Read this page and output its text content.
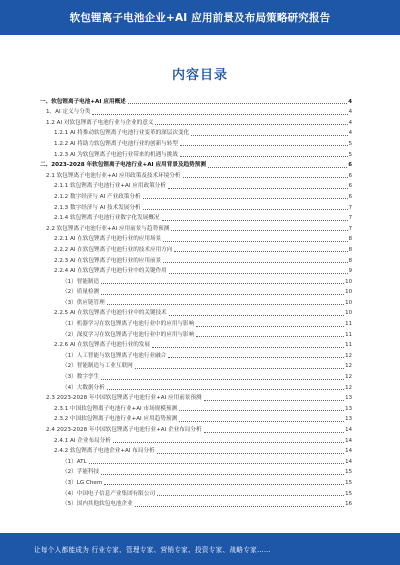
软包锂离子电池企业+AI 应用前景及布局策略研究报告
内容目录
一、软包锂离子电池+AI 应用概述	4
1、AI 定义与分类	4
1.2 AI 对软包锂离子电池行业与企业的意义	4
1.2.1 AI 将推动软包锂离子电池行业变革的深层次变化	4
1.2.2 AI 将助力软包锂离子电池行业的创新与转型	5
1.2.3 AI 为软包锂离子电池行业带来的机遇与挑战	5
二、2023-2028 年软包锂离子电池行业+AI 应用背景及趋势预测	6
2.1 软包锂离子电池行业+AI 应用政策及技术环境分析	6
2.1.1 软包锂离子电池行业+AI 应用政策分析	6
2.1.2 数字经济与 AI 产业政策分析	6
2.1.3 数字经济与 AI 技术发展分析	7
2.1.4 软包锂离子电池行业数字化发展概况	7
2.2 软包锂离子电池行业+AI 应用前景与趋势预测	7
2.2.1 AI 在软包锂离子电池行业的应用场景	8
2.2.2 AI 在软包锂离子电池行业的技术应用方向	8
2.2.3 AI 在软包锂离子电池行业的应用前景	8
2.2.4 AI 在软包锂离子电池行业中的关键作用	9
（1）智能制造	10
（2）质量检测	10
（3）供应链管理	10
2.2.5 AI 在软包锂离子电池行业中的关键技术	10
（1）机器学习在软包锂离子电池行业中的应用与影响	11
（2）深度学习在软包锂离子电池行业中的应用与影响	11
2.2.6 AI 在软包锂离子电池行业的发展	11
（1）人工智能与软包锂离子电池行业融合	12
（2）智能制造与工业互联网	12
（3）数字孪生	12
（4）大数据分析	12
2.3 2023-2028 年中国软包锂离子电池行业+AI 应用前景预测	13
2.3.1 中国软包锂离子电池行业+AI 市场规模预测	13
2.3.2 中国软包锂离子电池行业+AI 应用趋势预测	13
2.4 2023-2028 年中国软包锂离子电池行业+AI 企业布局分析	14
2.4.1 AI 企业布局分析	14
2.4.2 软包锂离子电池企业+AI 布局分析	14
（1）ATL	14
（2）孚能科技	15
（3）LG Chem	15
（4）中国电子信息产业集团有限公司	15
（5）国内其他软包电池企业	16
让每个人都能成为 行业专家、管理专家、营销专家、投资专家、战略专家……
